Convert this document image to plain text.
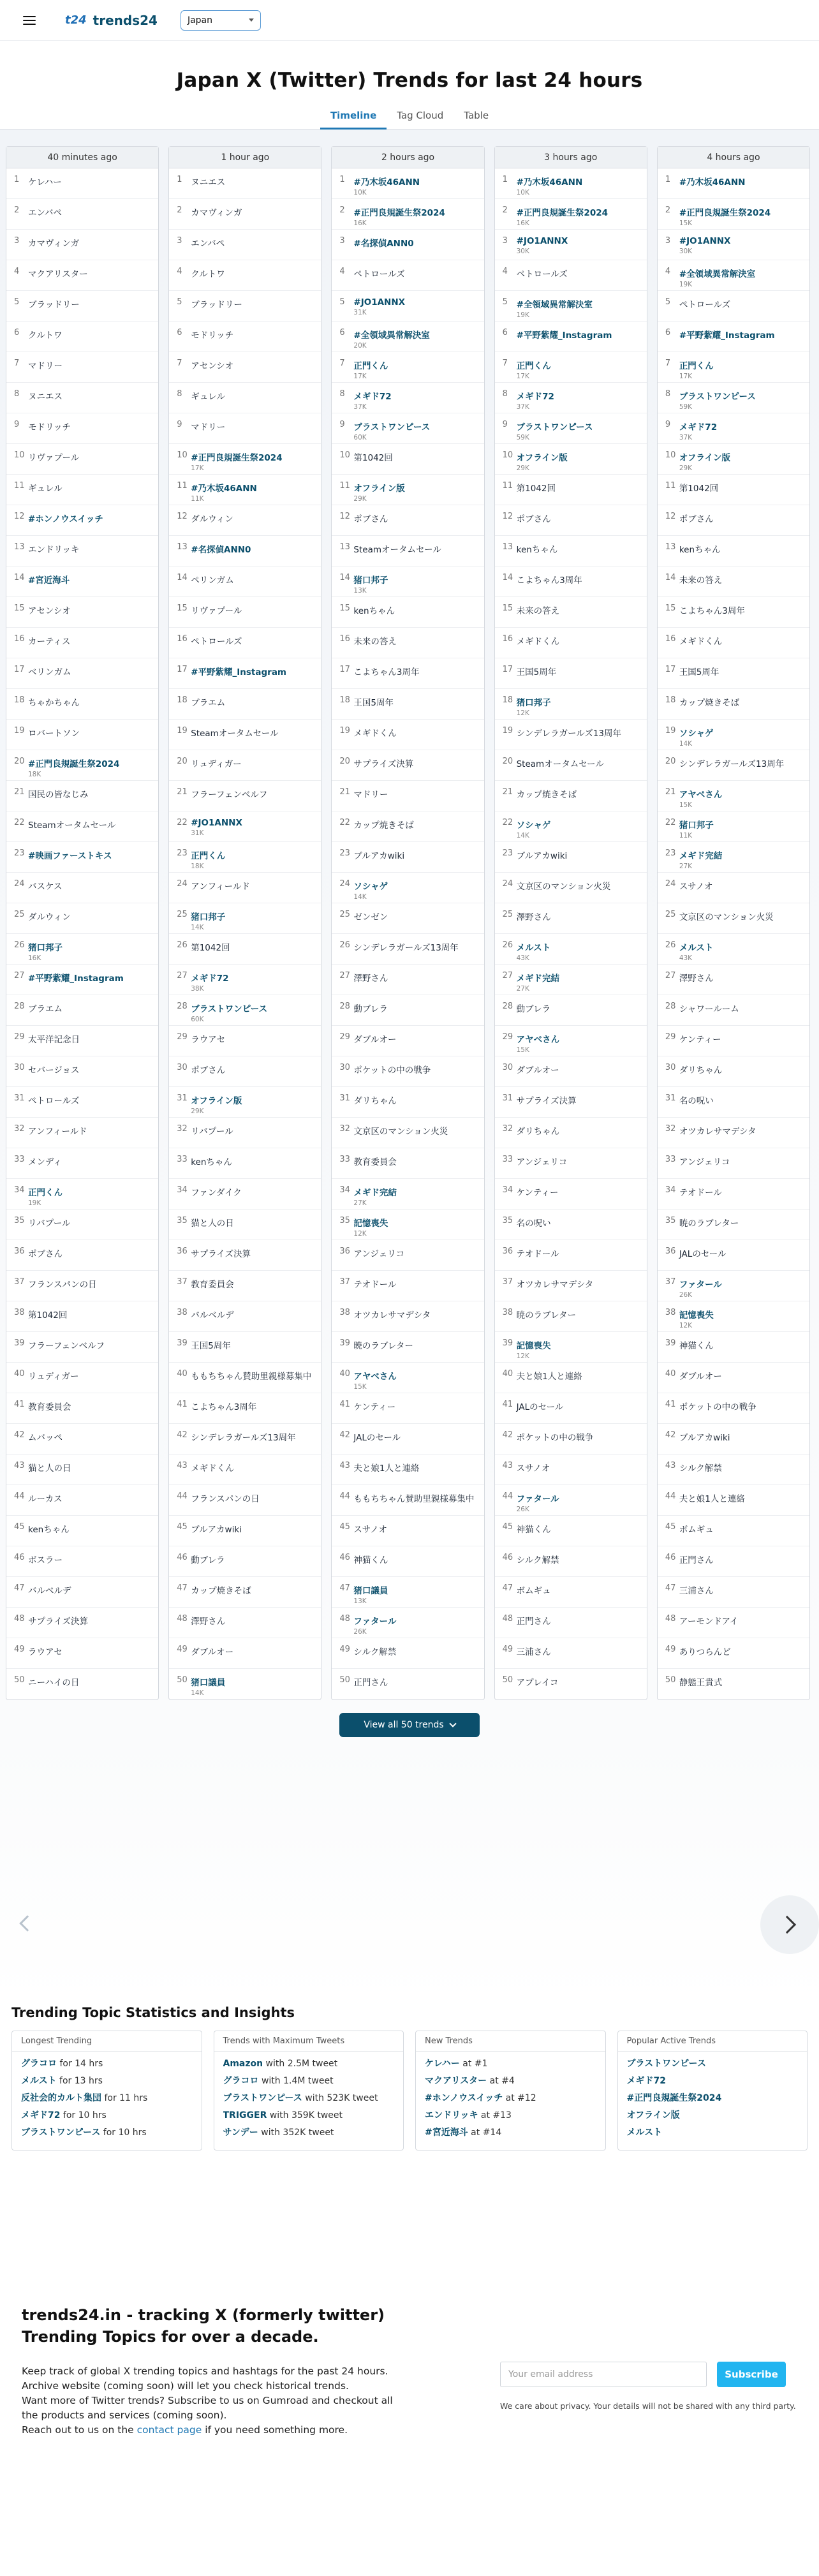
t24 trends24	Japan
Japan X (Twitter) Trends for last 24 hours
Timeline	Tag Cloud	Table
40 minutes ago
1	ケレハー
2	エンバペ
3	カマヴィンガ
4	マクアリスター
5	ブラッドリー
6	クルトワ
7	マドリー
8	ヌニエス
9	モドリッチ
10 リヴァプール
11 ギュレル
12 #ホンノウスイッチ
13 エンドリッキ
14 #宮近海斗
15 アセンシオ
16 カーティス
17 ベリンガム
18 ちゃかちゃん
19 ロバートソン
20 #正門良規誕生祭2024
18K
21 国民の皆なじみ
22 Steamオータムセール
23 #映画ファーストキス
24 バスケス
25 ダルウィン
26 猪口邦子
16K
27 #平野紫耀_Instagram
28 ブラエム
29 太平洋記念日
30 セバージョス
31 ペトロールズ
32 アンフィールド
33 メンディ
34 正門くん
19K
35 リバプール
36 ポブさん
37 フランスパンの日
38 第1042回
39 フラーフェンベルフ
40 リュディガー
41 教育委員会
42 ムバッペ
43 猫と人の日
44 ルーカス
45 kenちゃん
46 ボスラー
47 バルベルデ
48 サプライズ決算
49 ラウアセ
50 ニーハイの日
1 hour ago
1	ヌニエス
2	カマヴィンガ
3	エンバペ
4	クルトワ
5	ブラッドリー
6	モドリッチ
7	アセンシオ
8	ギュレル
9	マドリー
10 #正門良規誕生祭2024
17K
11 #乃木坂46ANN
11K
12 ダルウィン
13 #名探偵ANN0
14 ペリンガム
15 リヴァプール
16 ペトロールズ
17 #平野紫耀_Instagram
18 ブラエム
19 Steamオータムセール
20 リュディガー
21 フラーフェンベルフ
22 #JO1ANNX
31K
23 正門くん
18K
24 アンフィールド
25 猪口邦子
14K
26 第1042回
27 メギド72
38K
28 ブラストワンピース
60K
29 ラウアセ
30 ポブさん
31 オフライン版
29K
32 リバプール
33 kenちゃん
34 ファンダイク
35 猫と人の日
36 サプライズ決算
37 教育委員会
38 バルベルデ
39 王国5周年
40 ももちちゃん賛助里親様募集中
41 こよちゃん3周年
42 シンデレラガールズ13周年
43 メギドくん
44 フランスパンの日
45 ブルアカwiki
46 動ブレラ
47 カップ焼きそば
48 澤野さん
49 ダブルオー
50 猪口議員
14K
2 hours ago
1	#乃木坂46ANN
10K
2	#正門良規誕生祭2024
16K
3	#名探偵ANN0
4	ペトロールズ
5	#JO1ANNX
31K
6	#全領域異常解決室
20K
7	正門くん
17K
8	メギド72
37K
9	ブラストワンピース
60K
10 第1042回
11 オフライン版
29K
12 ポブさん
13 Steamオータムセール
14 猪口邦子
13K
15 kenちゃん
16 未来の答え
17 こよちゃん3周年
18 王国5周年
19 メギドくん
20 サプライズ決算
21 マドリー
22 カップ焼きそば
23 ブルアカwiki
24 ソシャゲ
14K
25 ゼンゼン
26 シンデレラガールズ13周年
27 澤野さん
28 動ブレラ
29 ダブルオー
30 ポケットの中の戦争
31 ダリちゃん
32 文京区のマンション火災
33 教育委員会
34 メギド完結
27K
35 記憶喪失
12K
36 アンジェリコ
37 テオドール
38 オツカレサマデシタ
39 暁のラブレター
40 アヤベさん
15K
41 ケンティー
42 JALのセール
43 夫と娘1人と連絡
44 ももちちゃん賛助里親様募集中
45 スサノオ
46 神猫くん
47 猪口議員
13K
48 ファタール
26K
49 シルク解禁
50 正門さん
3 hours ago
1	#乃木坂46ANN
10K
2	#正門良規誕生祭2024
16K
3	#JO1ANNX
30K
4	ペトロールズ
5	#全領域異常解決室
19K
6	#平野紫耀_Instagram
7	正門くん
17K
8	メギド72
37K
9	ブラストワンピース
59K
10 オフライン版
29K
11 第1042回
12 ポブさん
13 kenちゃん
14 こよちゃん3周年
15 未来の答え
16 メギドくん
17 王国5周年
18 猪口邦子
12K
19 シンデレラガールズ13周年
20 Steamオータムセール
21 カップ焼きそば
22 ソシャゲ
14K
23 ブルアカwiki
24 文京区のマンション火災
25 澤野さん
26 メルスト
43K
27 メギド完結
27K
28 動ブレラ
29 アヤベさん
15K
30 ダブルオー
31 サプライズ決算
32 ダリちゃん
33 アンジェリコ
34 ケンティー
35 名の呪い
36 テオドール
37 オツカレサマデシタ
38 暁のラブレター
39 記憶喪失
12K
40 夫と娘1人と連絡
41 JALのセール
42 ポケットの中の戦争
43 スサノオ
44 ファタール
26K
45 神猫くん
46 シルク解禁
47 ボムギュ
48 正門さん
49 三浦さん
50 アプレイコ
4 hours ago
1	#乃木坂46ANN
2	#正門良規誕生祭2024
15K
3	#JO1ANNX
30K
4	#全領域異常解決室
19K
5	ペトロールズ
6	#平野紫耀_Instagram
7	正門くん
17K
8	ブラストワンピース
59K
9	メギド72
37K
10 オフライン版
29K
11 第1042回
12 ポブさん
13 kenちゃん
14 未来の答え
15 こよちゃん3周年
16 メギドくん
17 王国5周年
18 カップ焼きそば
19 ソシャゲ
14K
20 シンデレラガールズ13周年
21 アヤベさん
15K
22 猪口邦子
11K
23 メギド完結
27K
24 スサノオ
25 文京区のマンション火災
26 メルスト
43K
27 澤野さん
28 シャワールーム
29 ケンティー
30 ダリちゃん
31 名の呪い
32 オツカレサマデシタ
33 アンジェリコ
34 テオドール
35 暁のラブレター
36 JALのセール
37 ファタール
26K
38 記憶喪失
12K
39 神猫くん
40 ダブルオー
41 ポケットの中の戦争
42 ブルアカwiki
43 シルク解禁
44 夫と娘1人と連絡
45 ボムギュ
46 正門さん
47 三浦さん
48 アーモンドアイ
49 ありつらんど
50 静態王貴式
View all 50 trends
Trending Topic Statistics and Insights
Longest Trending
グラコロ for 14 hrs
メルスト for 13 hrs
反社会的カルト集団 for 11 hrs
メギド72 for 10 hrs
ブラストワンピース for 10 hrs
Trends with Maximum Tweets
Amazon with 2.5M tweet
グラコロ with 1.4M tweet
ブラストワンピース with 523K tweet
TRIGGER with 359K tweet
サンデー with 352K tweet
New Trends
ケレハー at #1
マクアリスター at #4
#ホンノウスイッチ at #12
エンドリッキ at #13
#宮近海斗 at #14
Popular Active Trends
ブラストワンピース
メギド72
#正門良規誕生祭2024
オフライン版
メルスト
trends24.in - tracking X (formerly twitter) Trending Topics for over a decade.
Keep track of global X trending topics and hashtags for the past 24 hours.
Archive website (coming soon) will let you check historical trends.
Want more of Twitter trends? Subscribe to us on Gumroad and checkout all the products and services (coming soon).
Reach out to us on the contact page if you need something more.
Your email address	Subscribe
We care about privacy. Your details will not be shared with any third party.
